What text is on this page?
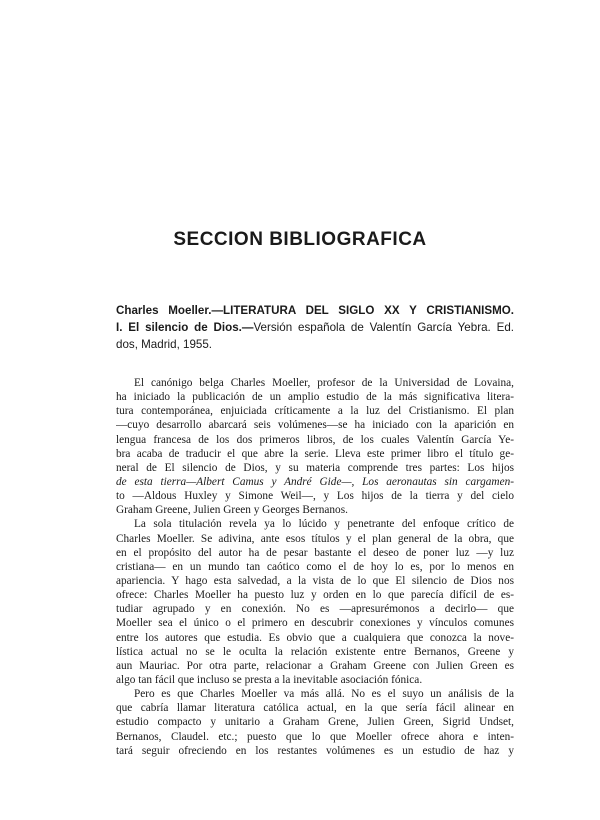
SECCION BIBLIOGRAFICA
Charles Moeller.—LITERATURA DEL SIGLO XX Y CRISTIANISMO.
I. El silencio de Dios.—Versión española de Valentín García Yebra. Ed.
dos, Madrid, 1955.
El canónigo belga Charles Moeller, profesor de la Universidad de Lovaina,
ha iniciado la publicación de un amplio estudio de la más significativa litera-
tura contemporánea, enjuiciada críticamente a la luz del Cristianismo. El plan
—cuyo desarrollo abarcará seis volúmenes—se ha iniciado con la aparición en
lengua francesa de los dos primeros libros, de los cuales Valentín García Ye-
bra acaba de traducir el que abre la serie. Lleva este primer libro el título ge-
neral de El silencio de Dios, y su materia comprende tres partes: Los hijos
de esta tierra—Albert Camus y André Gide—, Los aeronautas sin cargamen-
to —Aldous Huxley y Simone Weil—, y Los hijos de la tierra y del cielo
Graham Greene, Julien Green y Georges Bernanos.
La sola titulación revela ya lo lúcido y penetrante del enfoque crítico de
Charles Moeller. Se adivina, ante esos títulos y el plan general de la obra, que
en el propósito del autor ha de pesar bastante el deseo de poner luz —y luz
cristiana— en un mundo tan caótico como el de hoy lo es, por lo menos en
apariencia. Y hago esta salvedad, a la vista de lo que El silencio de Dios nos
ofrece: Charles Moeller ha puesto luz y orden en lo que parecía difícil de es-
tudiar agrupado y en conexión. No es —apresurémonos a decirlo— que
Moeller sea el único o el primero en descubrir conexiones y vínculos comunes
entre los autores que estudia. Es obvio que a cualquiera que conozca la nove-
lística actual no se le oculta la relación existente entre Bernanos, Greene y
aun Mauriac. Por otra parte, relacionar a Graham Greene con Julien Green es
algo tan fácil que incluso se presta a la inevitable asociación fónica.
Pero es que Charles Moeller va más allá. No es el suyo un análisis de la
que cabría llamar literatura católica actual, en la que sería fácil alinear en
estudio compacto y unitario a Graham Grene, Julien Green, Sigrid Undset,
Bernanos, Claudel. etc.; puesto que lo que Moeller ofrece ahora e inten-
tará seguir ofreciendo en los restantes volúmenes es un estudio de haz y
